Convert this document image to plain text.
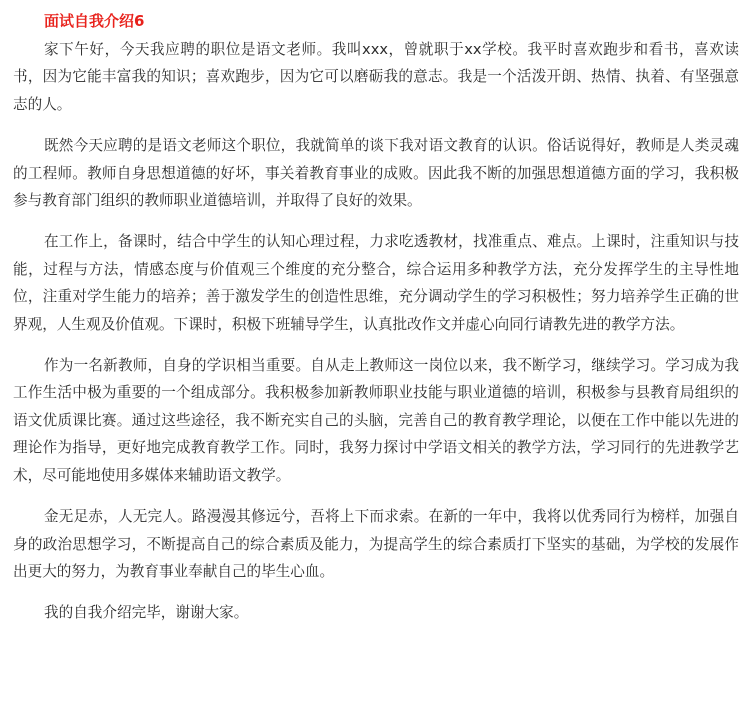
面试自我介绍6

家下午好，今天我应聘的职位是语文老师。我叫xxx，曾就职于xx学校。我平时喜欢跑步和看书，喜欢读书，因为它能丰富我的知识；喜欢跑步，因为它可以磨砺我的意志。我是一个活泼开朗、热情、执着、有坚强意志的人。

既然今天应聘的是语文老师这个职位，我就简单的谈下我对语文教育的认识。俗话说得好，教师是人类灵魂的工程师。教师自身思想道德的好坏，事关着教育事业的成败。因此我不断的加强思想道德方面的学习，我积极参与教育部门组织的教师职业道德培训，并取得了良好的效果。

在工作上，备课时，结合中学生的认知心理过程，力求吃透教材，找准重点、难点。上课时，注重知识与技能，过程与方法，情感态度与价值观三个维度的充分整合，综合运用多种教学方法，充分发挥学生的主导性地位，注重对学生能力的培养；善于激发学生的创造性思维，充分调动学生的学习积极性；努力培养学生正确的世界观，人生观及价值观。下课时，积极下班辅导学生，认真批改作文并虚心向同行请教先进的教学方法。

作为一名新教师，自身的学识相当重要。自从走上教师这一岗位以来，我不断学习，继续学习。学习成为我工作生活中极为重要的一个组成部分。我积极参加新教师职业技能与职业道德的培训，积极参与县教育局组织的语文优质课比赛。通过这些途径，我不断充实自己的头脑，完善自己的教育教学理论，以便在工作中能以先进的理论作为指导，更好地完成教育教学工作。同时，我努力探讨中学语文相关的教学方法，学习同行的先进教学艺术，尽可能地使用多媒体来辅助语文教学。

金无足赤，人无完人。路漫漫其修远兮，吾将上下而求索。在新的一年中，我将以优秀同行为榜样，加强自身的政治思想学习，不断提高自己的综合素质及能力，为提高学生的综合素质打下坚实的基础，为学校的发展作出更大的努力，为教育事业奉献自己的毕生心血。

我的自我介绍完毕，谢谢大家。
